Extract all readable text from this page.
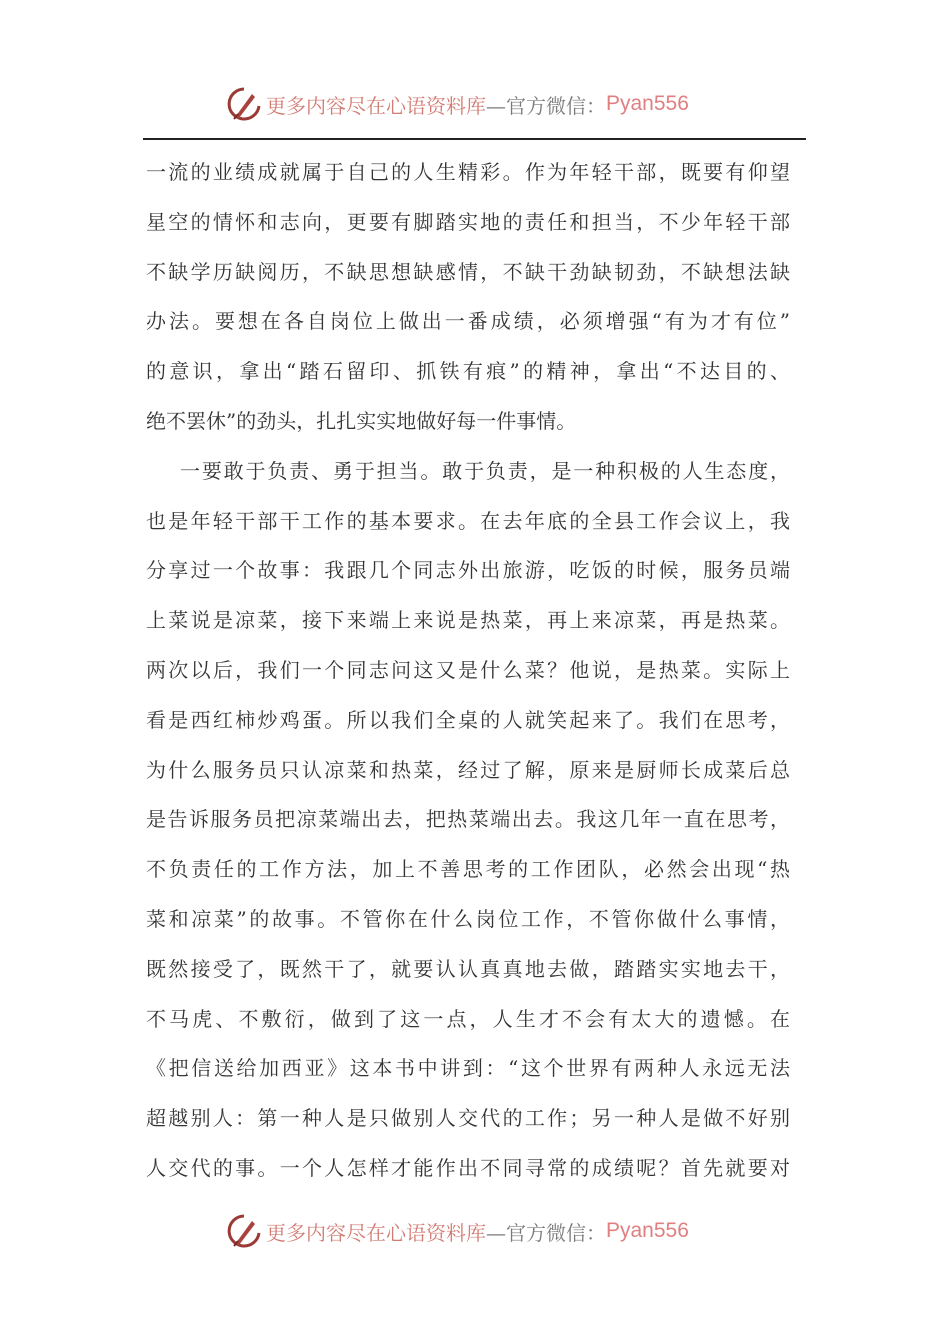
更多内容尽在心语资料库 —官方微信： Pyan556
一流的业绩成就属于自己的人生精彩。作为年轻干部，既要有仰望
星空的情怀和志向，更要有脚踏实地的责任和担当，不少年轻干部
不缺学历缺阅历，不缺思想缺感情，不缺干劲缺韧劲，不缺想法缺
办法。要想在各自岗位上做出一番成绩，必须增强“有为才有位”
的意识，拿出“踏石留印、抓铁有痕”的精神，拿出“不达目的、
绝不罢休”的劲头，扎扎实实地做好每一件事情。
一要敢于负责、勇于担当。敢于负责，是一种积极的人生态度，
也是年轻干部干工作的基本要求。在去年底的全县工作会议上，我
分享过一个故事：我跟几个同志外出旅游，吃饭的时候，服务员端
上菜说是凉菜，接下来端上来说是热菜，再上来凉菜，再是热菜。
两次以后，我们一个同志问这又是什么菜？他说，是热菜。实际上
看是西红柿炒鸡蛋。所以我们全桌的人就笑起来了。我们在思考，
为什么服务员只认凉菜和热菜，经过了解，原来是厨师长成菜后总
是告诉服务员把凉菜端出去，把热菜端出去。我这几年一直在思考，
不负责任的工作方法，加上不善思考的工作团队，必然会出现“热
菜和凉菜”的故事。不管你在什么岗位工作，不管你做什么事情，
既然接受了，既然干了，就要认认真真地去做，踏踏实实地去干，
不马虎、不敷衍，做到了这一点，人生才不会有太大的遗憾。在
《把信送给加西亚》这本书中讲到：“这个世界有两种人永远无法
超越别人：第一种人是只做别人交代的工作；另一种人是做不好别
人交代的事。一个人怎样才能作出不同寻常的成绩呢？首先就要对
更多内容尽在心语资料库 —官方微信： Pyan556
